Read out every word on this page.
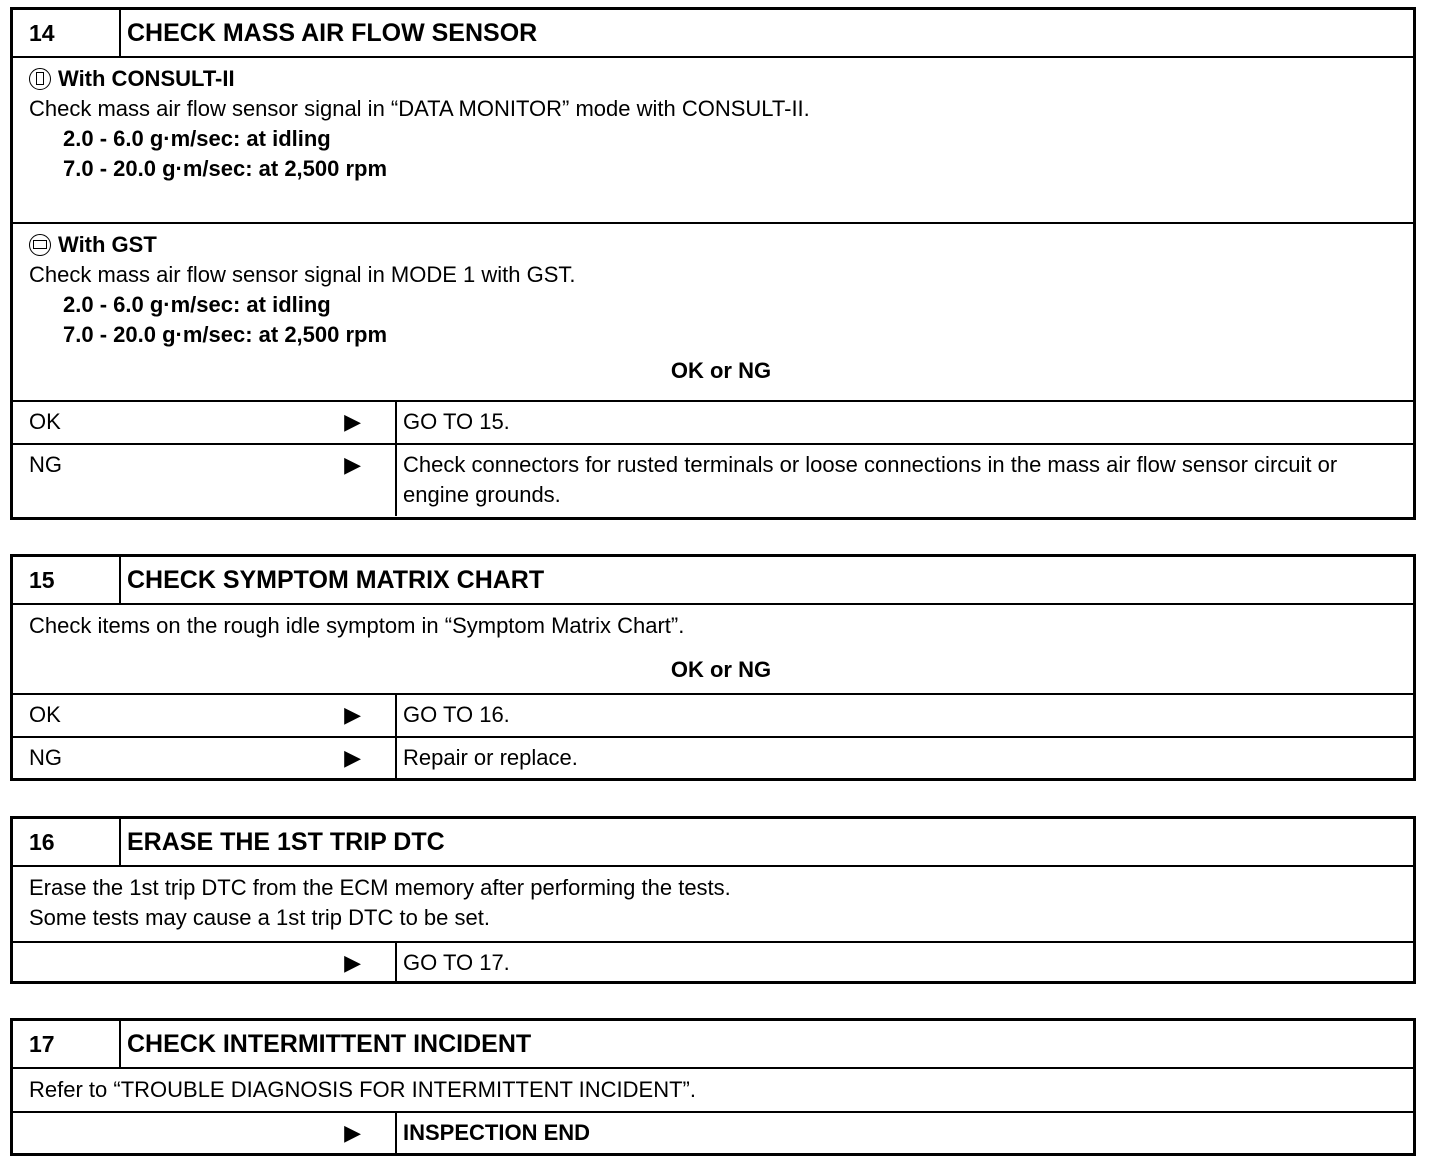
14	CHECK MASS AIR FLOW SENSOR
With CONSULT-II
Check mass air flow sensor signal in “DATA MONITOR” mode with CONSULT-II.
2.0 - 6.0 g·m/sec: at idling
7.0 - 20.0 g·m/sec: at 2,500 rpm
With GST
Check mass air flow sensor signal in MODE 1 with GST.
2.0 - 6.0 g·m/sec: at idling
7.0 - 20.0 g·m/sec: at 2,500 rpm
OK or NG
OK	▶ GO TO 15.
NG	▶ Check connectors for rusted terminals or loose connections in the mass air flow sensor circuit or engine grounds.
15	CHECK SYMPTOM MATRIX CHART
Check items on the rough idle symptom in “Symptom Matrix Chart”.
OK or NG
OK	▶ GO TO 16.
NG	▶ Repair or replace.
16	ERASE THE 1ST TRIP DTC
Erase the 1st trip DTC from the ECM memory after performing the tests.
Some tests may cause a 1st trip DTC to be set.
▶ GO TO 17.
17	CHECK INTERMITTENT INCIDENT
Refer to “TROUBLE DIAGNOSIS FOR INTERMITTENT INCIDENT”.
▶ INSPECTION END
